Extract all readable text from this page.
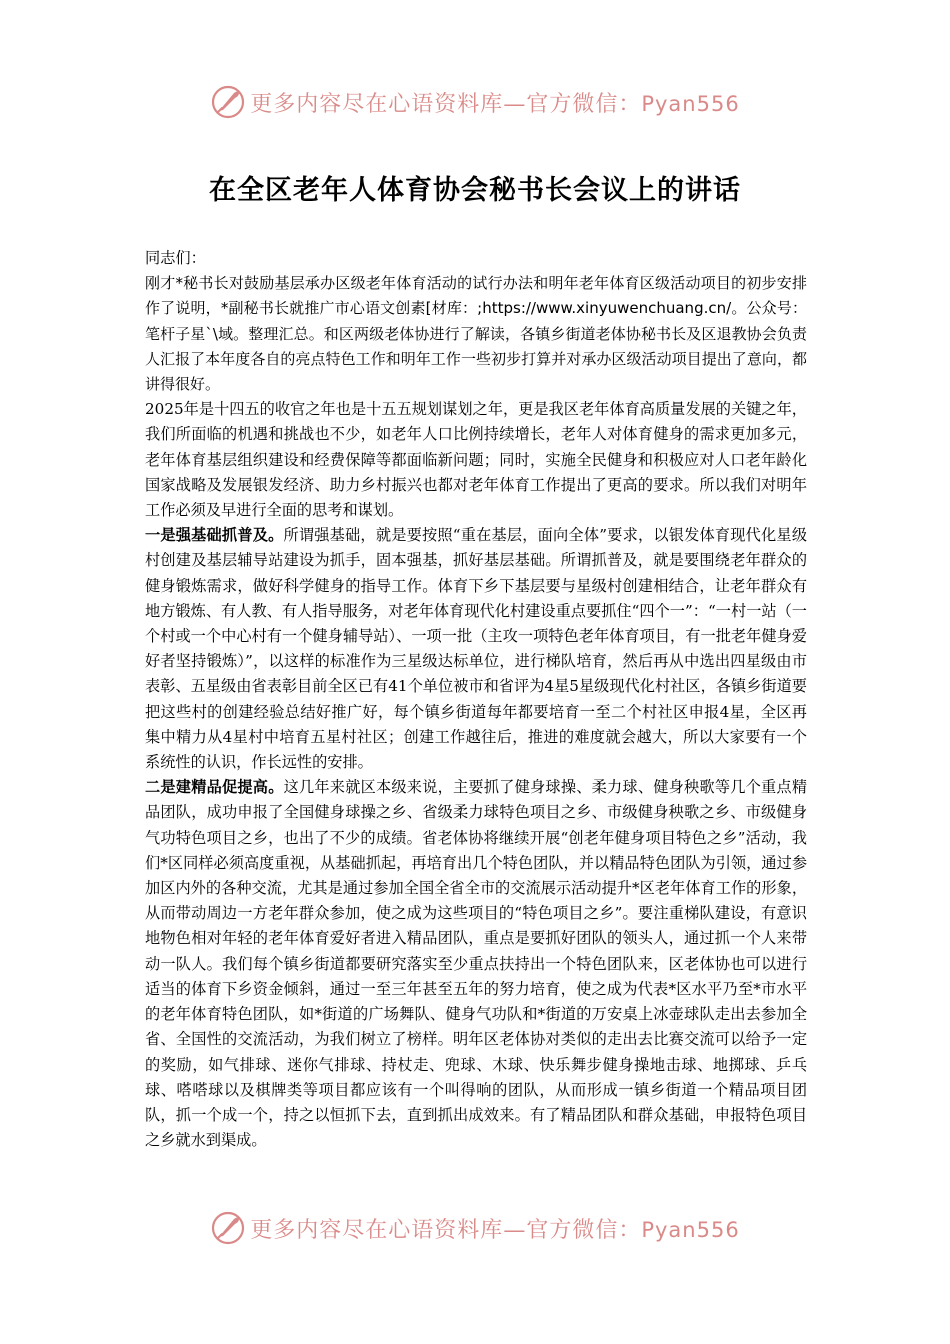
更多内容尽在心语资料库—官方微信：Pyan556
在全区老年人体育协会秘书长会议上的讲话

同志们：

刚才*秘书长对鼓励基层承办区级老年体育活动的试行办法和明年老年体育区级活动项目的初步安排作了说明，*副秘书长就推广市心语文创素[材库：;https://www.xinyuwenchuang.cn/。公众号：笔杆子星`\域。整理汇总。和区两级老体协进行了解读，各镇乡街道老体协秘书长及区退教协会负责人汇报了本年度各自的亮点特色工作和明年工作一些初步打算并对承办区级活动项目提出了意向，都讲得很好。

2025年是十四五的收官之年也是十五五规划谋划之年，更是我区老年体育高质量发展的关键之年，我们所面临的机遇和挑战也不少，如老年人口比例持续增长，老年人对体育健身的需求更加多元，老年体育基层组织建设和经费保障等都面临新问题；同时，实施全民健身和积极应对人口老年龄化国家战略及发展银发经济、助力乡村振兴也都对老年体育工作提出了更高的要求。所以我们对明年工作必须及早进行全面的思考和谋划。

一是强基础抓普及。所谓强基础，就是要按照“重在基层，面向全体”要求，以银发体育现代化星级村创建及基层辅导站建设为抓手，固本强基，抓好基层基础。所谓抓普及，就是要围绕老年群众的健身锻炼需求，做好科学健身的指导工作。体育下乡下基层要与星级村创建相结合，让老年群众有地方锻炼、有人教、有人指导服务，对老年体育现代化村建设重点要抓住“四个一”：“一村一站（一个村或一个中心村有一个健身辅导站）、一项一批（主攻一项特色老年体育项目，有一批老年健身爱好者坚持锻炼）”，以这样的标准作为三星级达标单位，进行梯队培育，然后再从中选出四星级由市表彰、五星级由省表彰目前全区已有41个单位被市和省评为4星5星级现代化村社区，各镇乡街道要把这些村的创建经验总结好推广好，每个镇乡街道每年都要培育一至二个村社区申报4星，全区再集中精力从4星村中培育五星村社区；创建工作越往后，推进的难度就会越大，所以大家要有一个系统性的认识，作长远性的安排。

二是建精品促提高。这几年来就区本级来说，主要抓了健身球操、柔力球、健身秧歌等几个重点精品团队，成功申报了全国健身球操之乡、省级柔力球特色项目之乡、市级健身秧歌之乡、市级健身气功特色项目之乡，也出了不少的成绩。省老体协将继续开展“创老年健身项目特色之乡”活动，我们*区同样必须高度重视，从基础抓起，再培育出几个特色团队，并以精品特色团队为引领，通过参加区内外的各种交流，尤其是通过参加全国全省全市的交流展示活动提升*区老年体育工作的形象，从而带动周边一方老年群众参加，使之成为这些项目的“特色项目之乡”。要注重梯队建设，有意识地物色相对年轻的老年体育爱好者进入精品团队，重点是要抓好团队的领头人，通过抓一个人来带动一队人。我们每个镇乡街道都要研究落实至少重点扶持出一个特色团队来，区老体协也可以进行适当的体育下乡资金倾斜，通过一至三年甚至五年的努力培育，使之成为代表*区水平乃至*市水平的老年体育特色团队，如*街道的广场舞队、健身气功队和*街道的万安桌上冰壶球队走出去参加全省、全国性的交流活动，为我们树立了榜样。明年区老体协对类似的走出去比赛交流可以给予一定的奖励，如气排球、迷你气排球、持杖走、兜球、木球、快乐舞步健身操地击球、地掷球、乒乓球、嗒嗒球以及棋牌类等项目都应该有一个叫得响的团队，从而形成一镇乡街道一个精品项目团队，抓一个成一个，持之以恒抓下去，直到抓出成效来。有了精品团队和群众基础，申报特色项目之乡就水到渠成。

更多内容尽在心语资料库—官方微信：Pyan556
